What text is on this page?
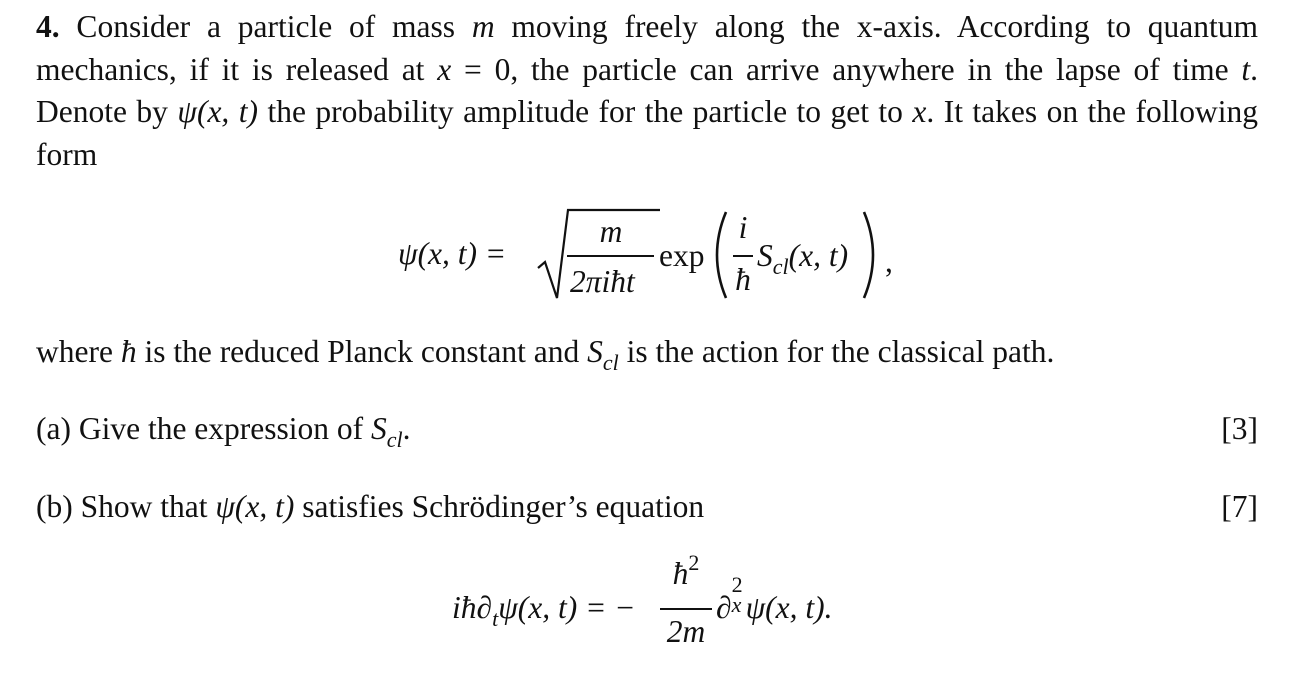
4. Consider a particle of mass m moving freely along the x-axis. According to quantum mechanics, if it is released at x = 0, the particle can arrive anywhere in the lapse of time t. Denote by ψ(x, t) the probability amplitude for the particle to get to x. It takes on the following form

ψ(x, t) =
m
2πiħt
exp
i
ħ
$S_{cl}(x$, t) ,
where ħ is the reduced Planck constant and $S_{cl}$ is the action for the classical path.
(a) Give the expression of $S_{cl}$.	[3]
(b) Show that ψ(x, t) satisfies Schrödinger’s equation	[7]
$iħ\partial_t\psi(x$, t) = −
$ħ^2$
2m
∂
2
x ψ(x, t).
